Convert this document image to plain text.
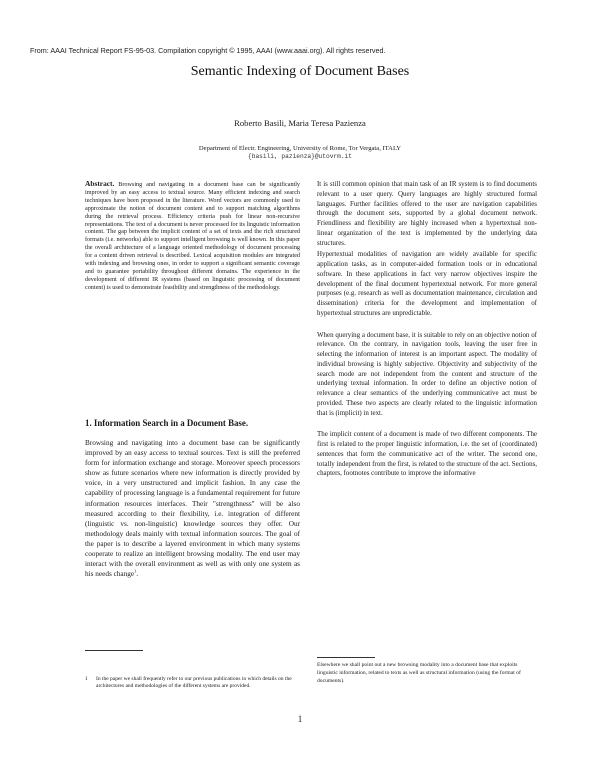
From: AAAI Technical Report FS-95-03. Compilation copyright © 1995, AAAI (www.aaai.org). All rights reserved.
Semantic Indexing of Document Bases
Roberto Basili, Maria Teresa Pazienza
Department of Electr. Engineering, University of Rome, Tor Vergata, ITALY
{basili, pazienza}@utovrm.it

Abstract. Browsing and navigating in a document base can be significantly improved by an easy access to textual source. Many efficient indexing and search techniques have been proposed in the literature. Word vectors are commonly used to approximate the notion of document content and to support matching algorithms during the retrieval process. Efficiency criteria push for linear non-recursive representations. The text of a document is never processed for its linguistic information content. The gap between the implicit content of a set of texts and the rich structured formats (i.e. networks) able to support intelligent browsing is well known. In this paper the overall architecture of a language oriented methodology of document processing for a content driven retrieval is described. Lexical acquisition modules are integrated with indexing and browsing ones, in order to support a significant semantic coverage and to guarantee portability throughout different domains. The experience in the development of different IR systems (based on linguistic processing of document content) is used to demonstrate feasibility and strengthness of the methodology.

1. Information Search in a Document Base.

Browsing and navigating into a document base can be significantly improved by an easy access to textual sources. Text is still the preferred form for information exchange and storage. Moreover speech processors show as future scenarios where new information is directly provided by voice, in a very unstructured and implicit fashion. In any case the capability of processing language is a fundamental requirement for future information resources interfaces. Their "strengthness" will be also measured according to their flexibility, i.e. integration of different (linguistic vs. non-linguistic) knowledge sources they offer. Our methodology deals mainly with textual information sources. The goal of the paper is to describe a layered environment in which many systems cooperate to realize an intelligent browsing modality. The end user may interact with the overall environment as well as with only one system as his needs change$^1$.

It is still common opinion that main task of an IR system is to find documents relevant to a user query. Query languages are highly structured formal languages. Further facilities offered to the user are navigation capabilities through the document sets, supported by a global document network. Friendliness and flexibility are highly increased when a hypertextual non-linear organization of the text is implemented by the underlying data structures.

Hypertextual modalities of navigation are widely available for specific application tasks, as in computer-aided formation tools or in educational software. In these applications in fact very narrow objectives inspire the development of the final document hypertextual network. For more general purposes (e.g. research as well as documentation maintenance, circulation and dissemination) criteria for the development and implementation of hypertextual structures are unpredictable.

When querying a document base, it is suitable to rely on an objective notion of relevance. On the contrary, in navigation tools, leaving the user free in selecting the information of interest is an important aspect. The modality of individual browsing is highly subjective. Objectivity and subjectivity of the search mode are not independent from the content and structure of the underlying textual information. In order to define an objective notion of relevance a clear semantics of the underlying communicative act must be provided. These two aspects are clearly related to the linguistic information that is (implicit) in text.

The implicit content of a document is made of two different components. The first is related to the proper linguistic information, i.e. the set of (coordinated) sentences that form the communicative act of the writer. The second one, totally independent from the first, is related to the structure of the act. Sections, chapters, footnotes contribute to improve the informative

Elsewhere we shall point out a new browsing modality into a document base that exploits linguistic information, related to texts as well as structural information (using the format of documents).

1	In the paper we shall frequently refer to our previous publications in which details on the architectures and methodologies of the different systems are provided.

1
